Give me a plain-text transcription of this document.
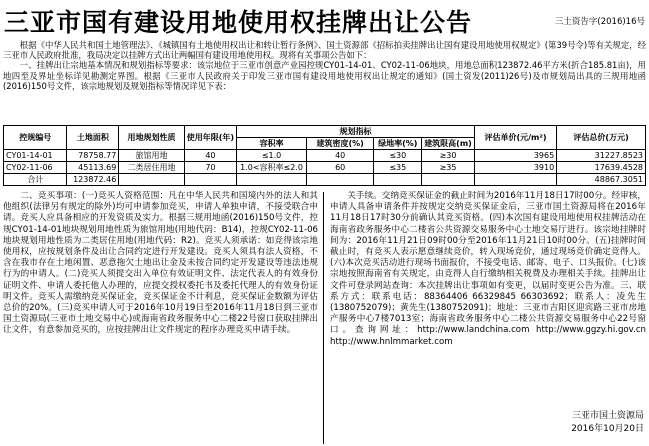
三亚市国有建设用地使用权挂牌出让公告	三土资告字(2016)16号

根据《中华人民共和国土地管理法》、《城镇国有土地使用权出让和转让暂行条例》、国土资源部《招标拍卖挂牌出让国有建设用地使用权规定》(第39号令)等有关规定，经三亚市人民政府批准，我局决定以挂牌方式出让两幅国有建设用地使用权。现将有关事项公告如下：

一、挂牌出让宗地基本情况和规划指标等要求：该宗地位于三亚市创意产业园控规CY01-14-01、CY02-11-06地块，用地总面积123872.46平方米(折合185.81亩)，用地四至及界址坐标详见勘测定界图。根据《三亚市人民政府关于印发三亚市国有建设用地使用权出让规定的通知》(国土资发(2011)26号)及市规划局出具的三规用地函(2016)150号文件，该宗地规划及规划指标等情况详见下表：

控规编号	土地面积	用地规划性质	使用年限(年)	规划指标				评估单价(元/m²)	评估总价(万元)
				容积率	建筑密度(%)	绿地率(%)	建筑限高(m)		
CY01-14-01	78758.77	旅馆用地	40	≤1.0	40	≤30	≥30	3965	31227.8523
CY02-11-06	45113.69	二类居住用地	70	1.0<容积率≤2.0	60	≤35	≥35	3910	17639.4528
合计	123872.46								48867.3051

二、竞买事项：(一)竞买人资格范围：凡在中华人民共和国境内外的法人和其他组织(法律另有规定的除外)均可申请参加竞买，申请人单独申请，不接受联合申请。竞买人应具备相应的开发资质及实力。根据三规用地函(2016)150号文件，控规CY01-14-01地块规划用地性质为旅馆用地(用地代码：B14)，控规CY02-11-06地块规划用地性质为二类居住用地(用地代码：R2)。竞买人须承诺：如竞得该宗地使用权，应按规划条件及出让合同约定进行开发建设。竞买人须具有法人资格，不含在我市存在土地闲置、恶意拖欠土地出让金及未按合同约定开发建设等违法违规行为的申请人。(二)竞买人须提交出入单位有效证明文件、法定代表人的有效身份证明文件、申请人委托他人办理的，应提交授权委托书及委托代理人的有效身份证明文件。竞买人需缴纳竞买保证金，竞买保证金不计利息，竞买保证金数额为评估总价的20%。(三)竞买申请人可于2016年10月19日至2016年11月18日到三亚市国土资源局(三亚市土地交易中心)或海南省政务服务中心二楼22号窗口获取挂牌出让文件，有意参加竞买的，应按挂牌出让文件规定的程序办理竞买申请手续。

关手续。交纳竞买保证金的截止时间为2016年11月18日17时00分。经审核，申请人具备申请条件并按规定交纳竞买保证金后，三亚市国土资源局将在2016年11月18日17时30分前确认其竞买资格。(四)本次国有建设用地使用权挂牌活动在海南省政务服务中心二楼省公共资源交易服务中心土地交易厅进行。该宗地挂牌时间为：2016年11月21日09时00分至2016年11月21日10时00分。(五)挂牌时间截止时，有竞买人表示愿意继续竞价，转入现场竞价，通过现场竞价确定竞得人。(六)本次竞买活动进行现场书面报价，不接受电话、邮寄、电子、口头报价。(七)该宗地按照海南省有关规定，由竞得人自行缴纳相关税费及办理相关手续。挂牌出让文件可登录网站查询：本次挂牌出让事项如有变更，以届时变更公告为准。三、联系方式：联系电话：88364406 66329845 66303692；联系人：凌先生(1380752079)；黄先生(1380752091)；地址：三亚市吉阳区迎宾路三亚市房地产服务中心7楼7013室；海南省政务服务中心二楼公共资源交易服务中心22号窗口。查询网址：http://www.landchina.com http://www.ggzy.hi.gov.cn http://www.hnlmmarket.com

三亚市国土资源局
2016年10月20日
